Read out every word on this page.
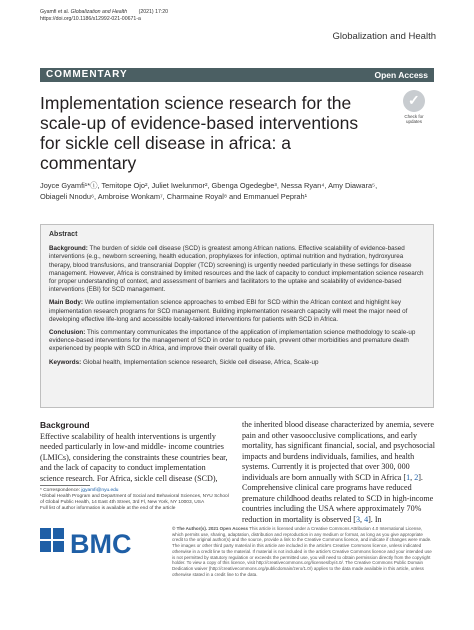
Gyamfi et al. Globalization and Health (2021) 17:20
https://doi.org/10.1186/s12992-021-00671-a
Globalization and Health
COMMENTARY	Open Access
Implementation science research for the scale-up of evidence-based interventions for sickle cell disease in africa: a commentary
✓
Check for
updates
Joyce Gyamfi¹*ⓘ, Temitope Ojo², Juliet Iwelunmor², Gbenga Ogedegbe³, Nessa Ryan⁴, Amy Diawara⁵,
Obiageli Nnodu⁶, Ambroise Wonkam⁷, Charmaine Royal⁸ and Emmanuel Peprah¹
Abstract

Background: The burden of sickle cell disease (SCD) is greatest among African nations. Effective scalability of evidence-based interventions (e.g., newborn screening, health education, prophylaxes for infection, optimal nutrition and hydration, hydroxyurea therapy, blood transfusions, and transcranial Doppler (TCD) screening) is urgently needed particularly in these settings for disease management. However, Africa is constrained by limited resources and the lack of capacity to conduct implementation science research for proper understanding of context, and assessment of barriers and facilitators to the uptake and scalability of evidence-based interventions (EBI) for SCD management.

Main Body: We outline implementation science approaches to embed EBI for SCD within the African context and highlight key implementation research programs for SCD management. Building implementation research capacity will meet the major need of developing effective life-long and accessible locally-tailored interventions for patients with SCD in Africa.

Conclusion: This commentary communicates the importance of the application of implementation science methodology to scale-up evidence-based interventions for the management of SCD in order to reduce pain, prevent other morbidities and premature death experienced by people with SCD in Africa, and improve their overall quality of life.

Keywords: Global health, Implementation science research, Sickle cell disease, Africa, Scale-up

Background
Effective scalability of health interventions is urgently needed particularly in low-and middle- income countries (LMICs), considering the constraints these countries bear, and the lack of capacity to conduct implementation science research. For Africa, sickle cell disease (SCD),
the inherited blood disease characterized by anemia, severe pain and other vasoocclusive complications, and early mortality, has significant financial, social, and psychosocial impacts and burdens individuals, families, and health systems. Currently it is projected that over 300, 000 individuals are born annually with SCD in Africa [1, 2]. Comprehensive clinical care programs have reduced premature childhood deaths related to SCD in high-income countries including the USA where approximately 70% reduction in mortality is observed [3, 4]. In
* Correspondence: jgyamfi@nyu.edu
¹Global Health Program and Department of Social and Behavioral Sciences, NYU School of Global Public Health, 14 East 4th Street, 3rd Fl, New York, NY 10003, USA
Full list of author information is available at the end of the article
BMC
© The Author(s). 2021 Open Access This article is licensed under a Creative Commons Attribution 4.0 International License, which permits use, sharing, adaptation, distribution and reproduction in any medium or format, as long as you give appropriate credit to the original author(s) and the source, provide a link to the Creative Commons licence, and indicate if changes were made. The images or other third party material in this article are included in the article's Creative Commons licence, unless indicated otherwise in a credit line to the material. If material is not included in the article's Creative Commons licence and your intended use is not permitted by statutory regulation or exceeds the permitted use, you will need to obtain permission directly from the copyright holder. To view a copy of this licence, visit http://creativecommons.org/licenses/by/4.0/. The Creative Commons Public Domain Dedication waiver (http://creativecommons.org/publicdomain/zero/1.0/) applies to the data made available in this article, unless otherwise stated in a credit line to the data.
